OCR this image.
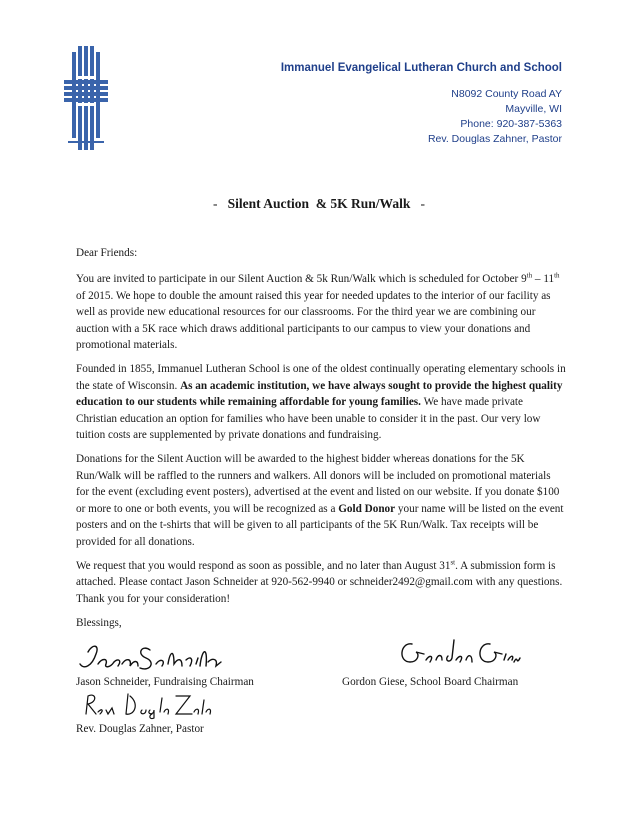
Immanuel Evangelical Lutheran Church and School
N8092 County Road AY
Mayville, WI
Phone: 920-387-5363
Rev. Douglas Zahner, Pastor
- Silent Auction  & 5K Run/Walk -

Dear Friends:

You are invited to participate in our Silent Auction & 5k Run/Walk which is scheduled for October 9th – 11th of 2015. We hope to double the amount raised this year for needed updates to the interior of our facility as well as provide new educational resources for our classrooms. For the third year we are combining our auction with a 5K race which draws additional participants to our campus to view your donations and promotional materials.

Founded in 1855, Immanuel Lutheran School is one of the oldest continually operating elementary schools in the state of Wisconsin. As an academic institution, we have always sought to provide the highest quality education to our students while remaining affordable for young families. We have made private Christian education an option for families who have been unable to consider it in the past. Our very low tuition costs are supplemented by private donations and fundraising.

Donations for the Silent Auction will be awarded to the highest bidder whereas donations for the 5K Run/Walk will be raffled to the runners and walkers. All donors will be included on promotional materials for the event (excluding event posters), advertised at the event and listed on our website. If you donate $100 or more to one or both events, you will be recognized as a Gold Donor your name will be listed on the event posters and on the t-shirts that will be given to all participants of the 5K Run/Walk. Tax receipts will be provided for all donations.

We request that you would respond as soon as possible, and no later than August 31st. A submission form is attached. Please contact Jason Schneider at 920-562-9940 or schneider2492@gmail.com with any questions. Thank you for your consideration!

Blessings,

Jason Schneider, Fundraising Chairman	Gordon Giese, School Board Chairman
Rev. Douglas Zahner, Pastor
